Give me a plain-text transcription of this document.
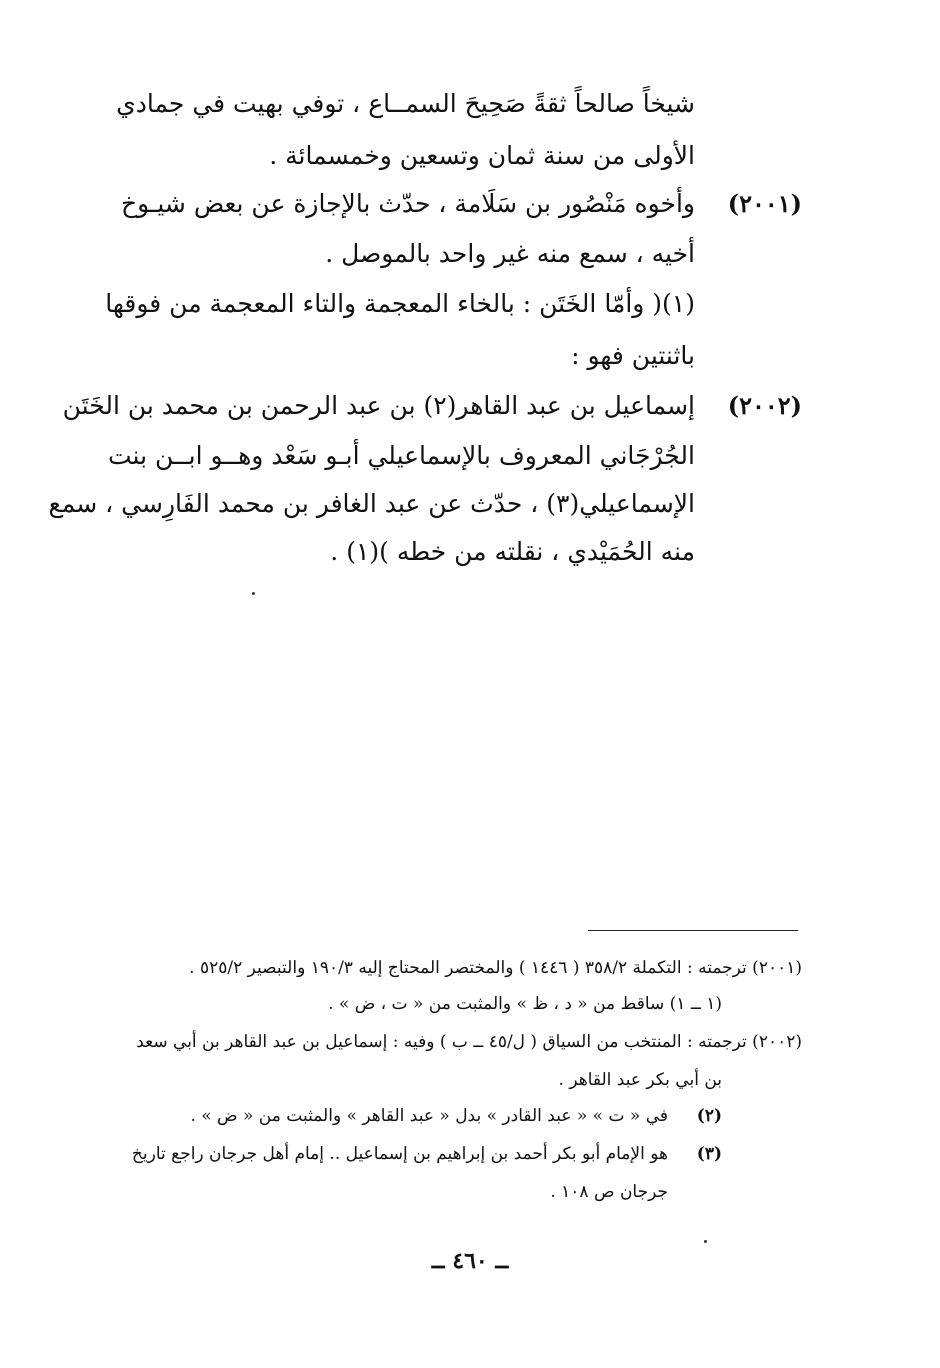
شيخاً صالحاً ثقةً صَحِيحَ السمــاع ، توفي بهيت في جمادي
الأولى من سنة ثمان وتسعين وخمسمائة .
(٢٠٠١)
وأخوه مَنْصُور بن سَلَامة ، حدّث بالإجازة عن بعض شيـوخ
أخيه ، سمع منه غير واحد بالموصل .
(١)( وأمّا الخَتَن : بالخاء المعجمة والتاء المعجمة من فوقها
باثنتين فهو :
(٢٠٠٢)
إسماعيل بن عبد القاهر(٢) بن عبد الرحمن بن محمد بن الخَتَن
الجُرْجَاني المعروف بالإسماعيلي أبـو سَعْد وهــو ابــن بنت
الإسماعيلي(٣) ، حدّث عن عبد الغافر بن محمد الفَارِسي ، سمع
منه الحُمَيْدي ، نقلته من خطه )(١) .
(٢٠٠١) ترجمته : التكملة ٣٥٨/٢ ( ١٤٤٦ ) والمختصر المحتاج إليه ١٩٠/٣ والتبصير ٥٢٥/٢ .
(١ ــ ١) ساقط من « د ، ظ » والمثبت من « ت ، ض » .
(٢٠٠٢) ترجمته : المنتخب من السياق ( ل/٤٥ ــ ب ) وفيه : إسماعيل بن عبد القاهر بن أبي سعد
بن أبي بكر عبد القاهر .
(٢)
في « ت » « عبد القادر » بدل « عبد القاهر » والمثبت من « ض » .
(٣)
هو الإمام أبو بكر أحمد بن إبراهيم بن إسماعيل .. إمام أهل جرجان راجع تاريخ
جرجان ص ١٠٨ .
ــ ٤٦٠ ــ
